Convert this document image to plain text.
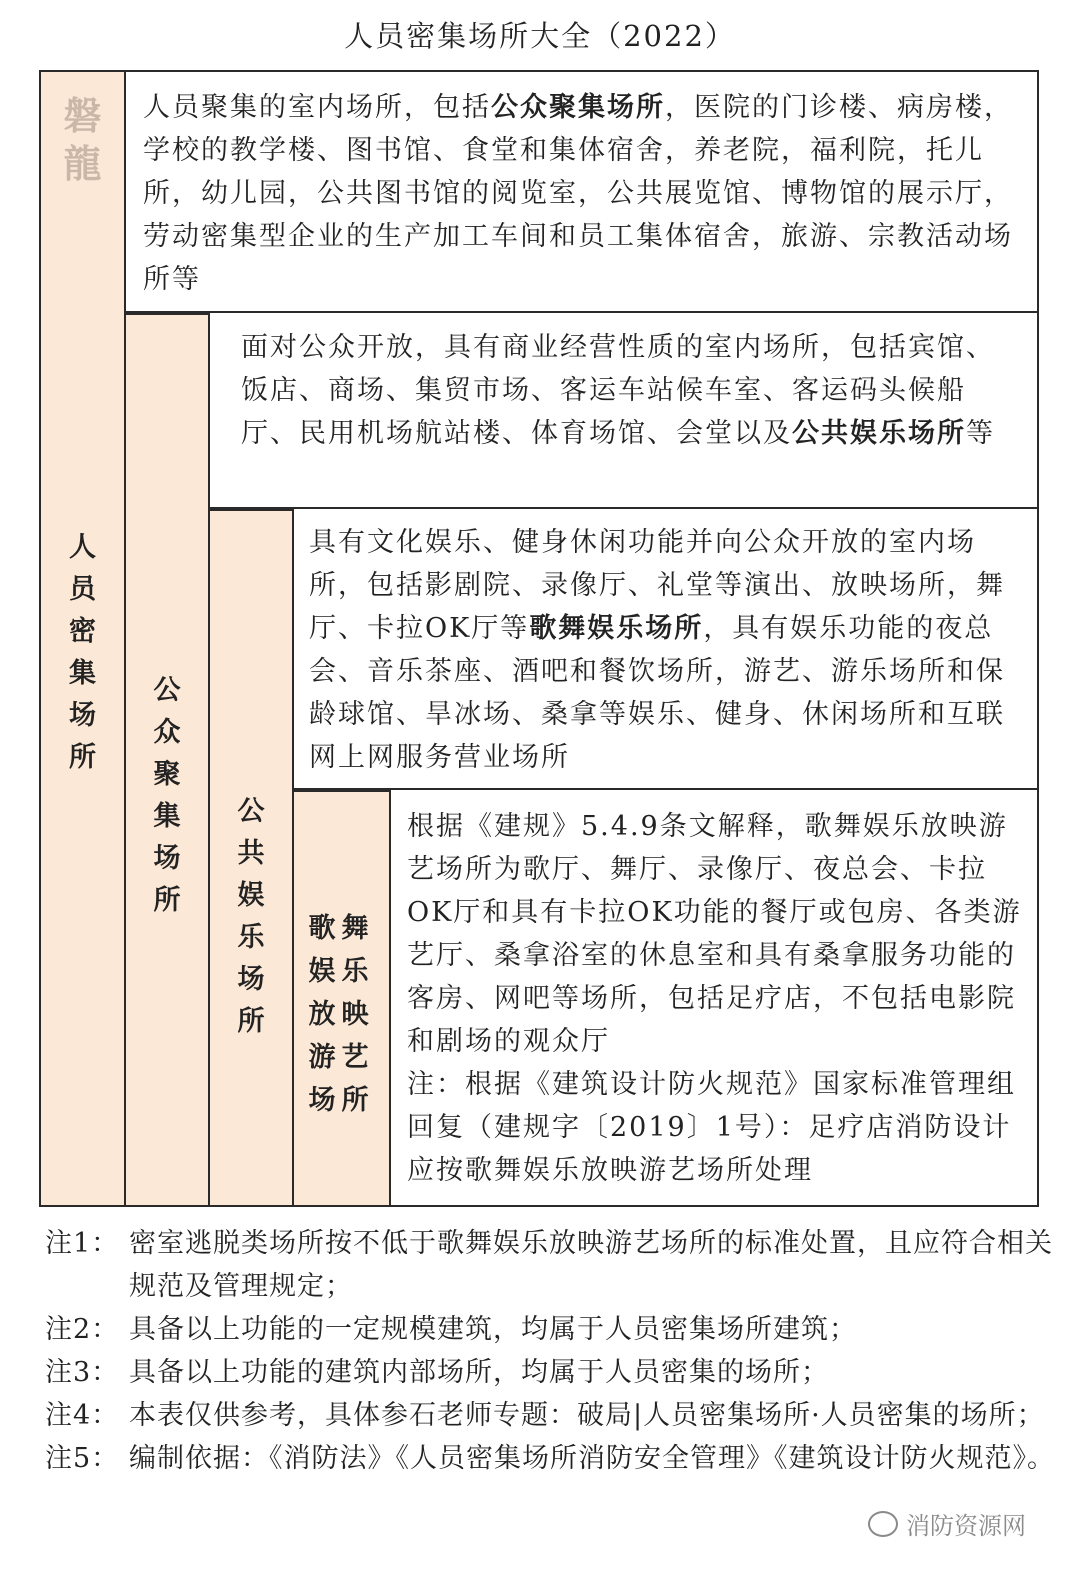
人员密集场所大全（2022）
磐
龍
人
员
密
集
场
所
公
众
聚
集
场
所
公
共
娱
乐
场
所
歌舞
娱乐
放映
游艺
场所
人员聚集的室内场所，包括公众聚集场所，医院的门诊楼、病房楼，学校的教学楼、图书馆、食堂和集体宿舍，养老院，福利院，托儿所，幼儿园，公共图书馆的阅览室，公共展览馆、博物馆的展示厅，劳动密集型企业的生产加工车间和员工集体宿舍，旅游、宗教活动场所等
面对公众开放，具有商业经营性质的室内场所，包括宾馆、饭店、商场、集贸市场、客运车站候车室、客运码头候船厅、民用机场航站楼、体育场馆、会堂以及公共娱乐场所等
具有文化娱乐、健身休闲功能并向公众开放的室内场所，包括影剧院、录像厅、礼堂等演出、放映场所，舞厅、卡拉OK厅等歌舞娱乐场所，具有娱乐功能的夜总会、音乐茶座、酒吧和餐饮场所，游艺、游乐场所和保龄球馆、旱冰场、桑拿等娱乐、健身、休闲场所和互联网上网服务营业场所
根据《建规》5.4.9条文解释，歌舞娱乐放映游艺场所为歌厅、舞厅、录像厅、夜总会、卡拉OK厅和具有卡拉OK功能的餐厅或包房、各类游艺厅、桑拿浴室的休息室和具有桑拿服务功能的客房、网吧等场所，包括足疗店，不包括电影院和剧场的观众厅
注：根据《建筑设计防火规范》国家标准管理组回复（建规字〔2019〕1号）：足疗店消防设计应按歌舞娱乐放映游艺场所处理
注1： 密室逃脱类场所按不低于歌舞娱乐放映游艺场所的标准处置，且应符合相关规范及管理规定；
注2： 具备以上功能的一定规模建筑，均属于人员密集场所建筑；
注3： 具备以上功能的建筑内部场所，均属于人员密集的场所；
注4： 本表仅供参考，具体参石老师专题：破局|人员密集场所·人员密集的场所；
注5： 编制依据：《消防法》《人员密集场所消防安全管理》《建筑设计防火规范》。
消防资源网
